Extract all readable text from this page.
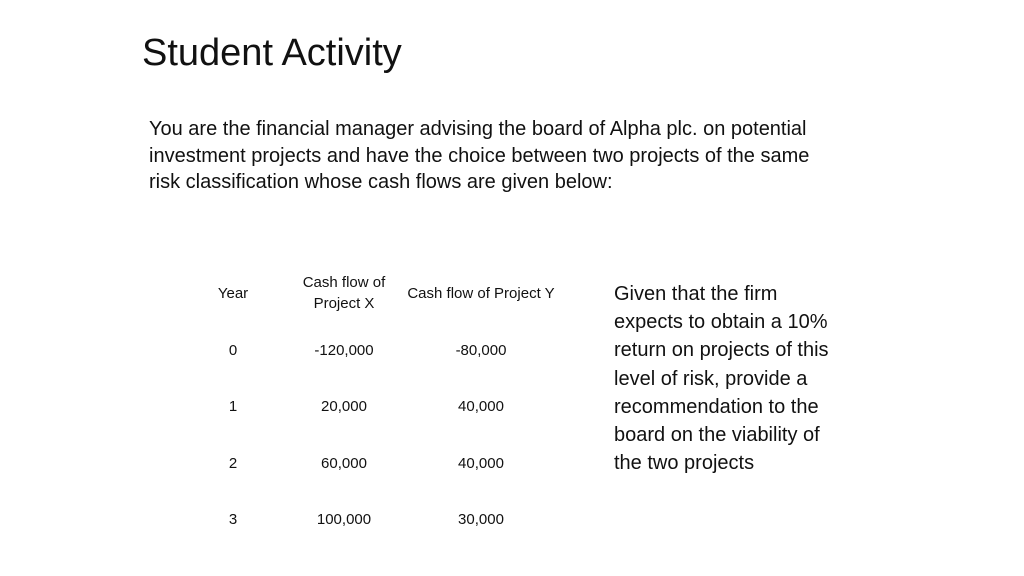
Student Activity

You are the financial manager advising the board of Alpha plc. on potential investment projects and have the choice between two projects of the same risk classification whose cash flows are given below:

Year	Cash flow of Project X	Cash flow of Project Y
0	-120,000	-80,000
1	20,000	40,000
2	60,000	40,000
3	100,000	30,000

Given that the firm expects to obtain a 10% return on projects of this level of risk, provide a recommendation to the board on the viability of the two projects
